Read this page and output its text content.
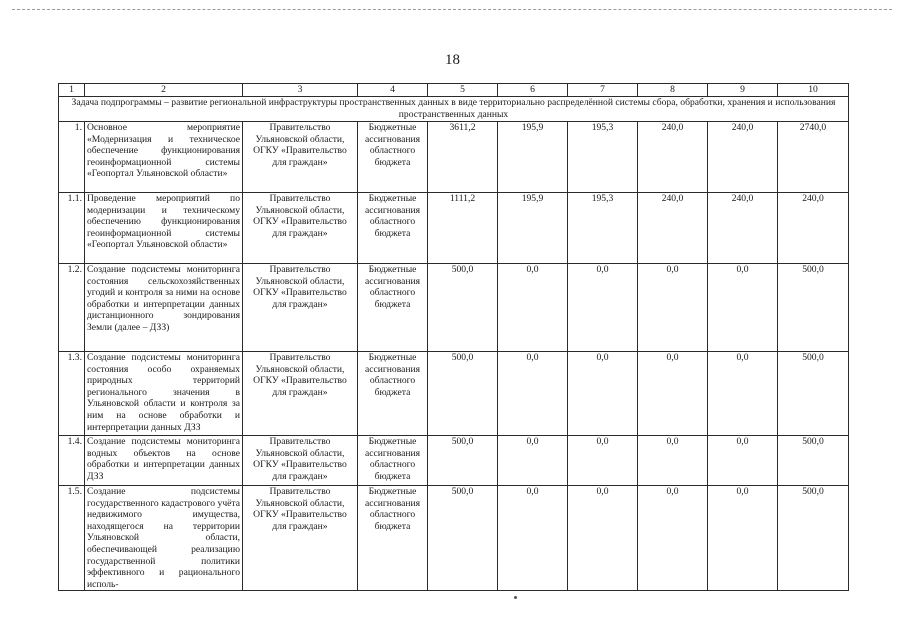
18
1	2	3	4	5	6	7	8	9	10
Задача подпрограммы – развитие региональной инфраструктуры пространственных данных в виде территориально распределённой системы сбора, обработки, хранения и использования пространственных данных									
1.	Основное мероприятие «Модернизация и техническое обеспечение функционирования геоинформационной системы «Геопортал Ульяновской области»	Правительство Ульяновской области, ОГКУ «Правительство для граждан»	Бюджетные ассигнования областного бюджета	3611,2	195,9	195,3	240,0	240,0	2740,0
1.1.	Проведение мероприятий по модернизации и техническому обеспечению функционирования геоинформационной системы «Геопортал Ульяновской области»	Правительство Ульяновской области, ОГКУ «Правительство для граждан»	Бюджетные ассигнования областного бюджета	1111,2	195,9	195,3	240,0	240,0	240,0
1.2.	Создание подсистемы мониторинга состояния сельскохозяйственных угодий и контроля за ними на основе обработки и интерпретации данных дистанционного зондирования Земли (далее – ДЗЗ)	Правительство Ульяновской области, ОГКУ «Правительство для граждан»	Бюджетные ассигнования областного бюджета	500,0	0,0	0,0	0,0	0,0	500,0
1.3.	Создание подсистемы мониторинга состояния особо охраняемых природных территорий регионального значения в Ульяновской области и контроля за ним на основе обработки и интерпретации данных ДЗЗ	Правительство Ульяновской области, ОГКУ «Правительство для граждан»	Бюджетные ассигнования областного бюджета	500,0	0,0	0,0	0,0	0,0	500,0
1.4.	Создание подсистемы мониторинга водных объектов на основе обработки и интерпретации данных ДЗЗ	Правительство Ульяновской области, ОГКУ «Правительство для граждан»	Бюджетные ассигнования областного бюджета	500,0	0,0	0,0	0,0	0,0	500,0
1.5.	Создание подсистемы государственного кадастрового учёта недвижимого имущества, находящегося на территории Ульяновской области, обеспечивающей реализацию государственной политики эффективного и рационального исполь-	Правительство Ульяновской области, ОГКУ «Правительство для граждан»	Бюджетные ассигнования областного бюджета	500,0	0,0	0,0	0,0	0,0	500,0
